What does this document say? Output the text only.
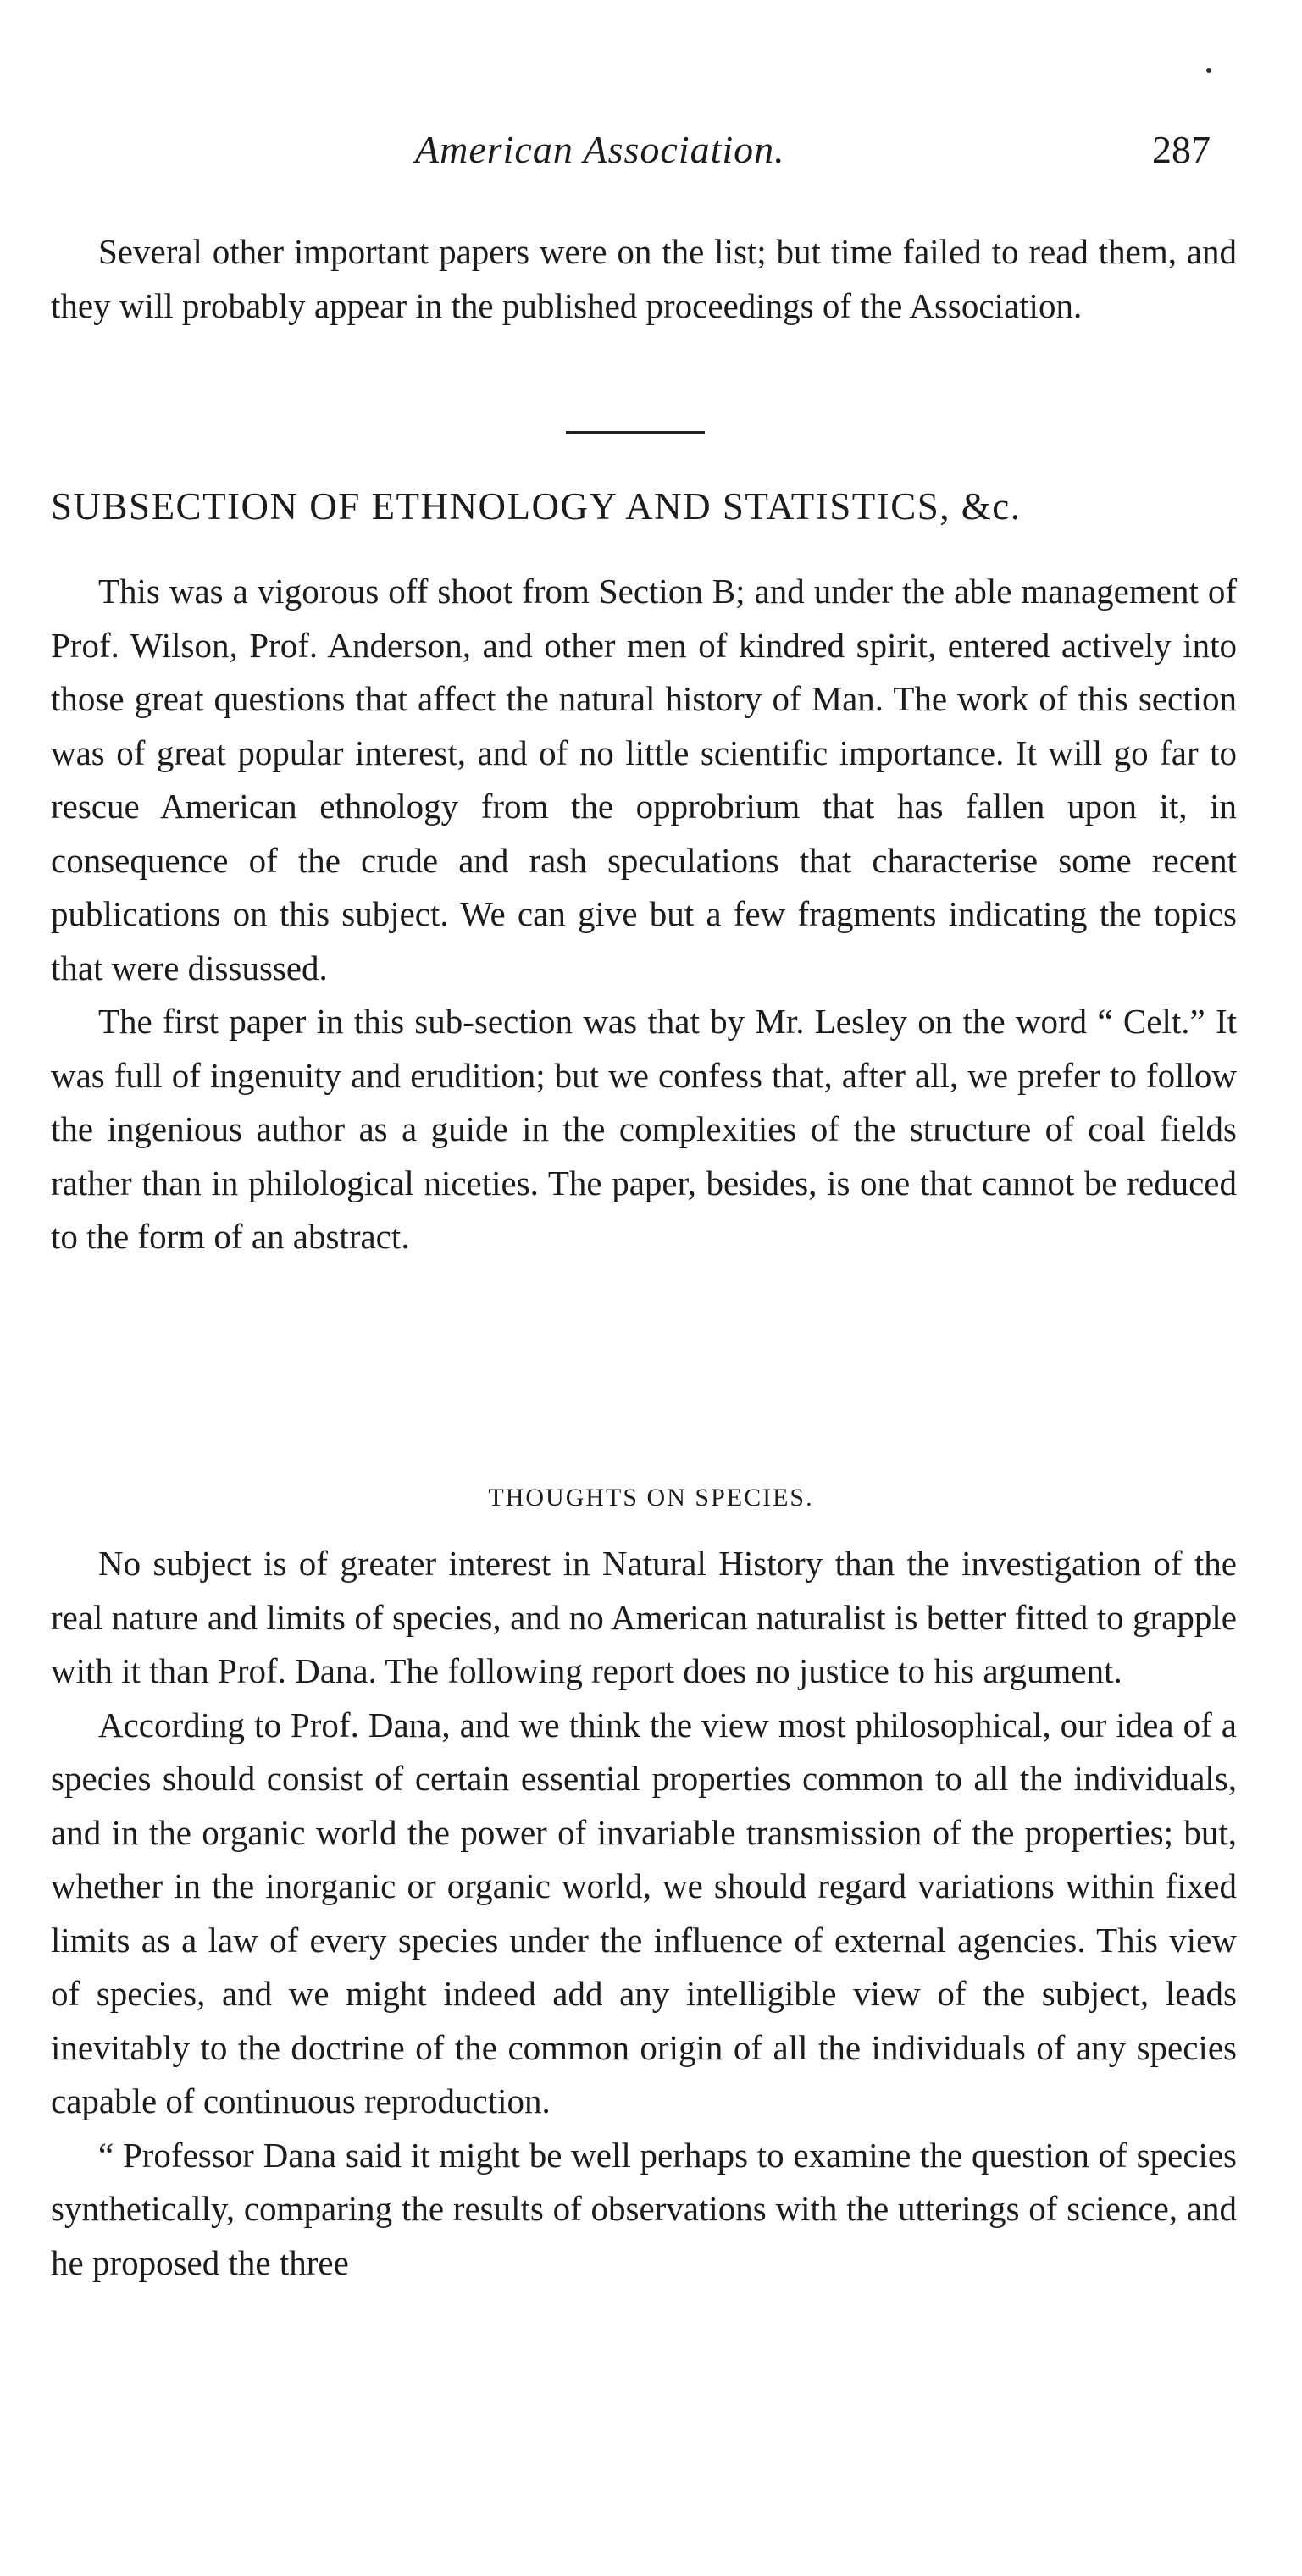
American Association.	287

Several other important papers were on the list; but time failed to read them, and they will probably appear in the published proceedings of the Association.

SUBSECTION OF ETHNOLOGY AND STATISTICS, &c.

This was a vigorous off shoot from Section B; and under the able management of Prof. Wilson, Prof. Anderson, and other men of kindred spirit, entered actively into those great questions that affect the natural history of Man. The work of this section was of great popular interest, and of no little scientific importance. It will go far to rescue American ethnology from the opprobrium that has fallen upon it, in consequence of the crude and rash speculations that characterise some recent publications on this subject. We can give but a few fragments indicating the topics that were dissussed.

The first paper in this sub-section was that by Mr. Lesley on the word “ Celt.” It was full of ingenuity and erudition; but we confess that, after all, we prefer to follow the ingenious author as a guide in the complexities of the structure of coal fields rather than in philological niceties. The paper, besides, is one that cannot be reduced to the form of an abstract.

THOUGHTS ON SPECIES.

No subject is of greater interest in Natural History than the investigation of the real nature and limits of species, and no American naturalist is better fitted to grapple with it than Prof. Dana. The following report does no justice to his argument.

According to Prof. Dana, and we think the view most philosophical, our idea of a species should consist of certain essential properties common to all the individuals, and in the organic world the power of invariable transmission of the properties; but, whether in the inorganic or organic world, we should regard variations within fixed limits as a law of every species under the influence of external agencies. This view of species, and we might indeed add any intelligible view of the subject, leads inevitably to the doctrine of the common origin of all the individuals of any species capable of continuous reproduction.

“ Professor Dana said it might be well perhaps to examine the question of species synthetically, comparing the results of observations with the utterings of science, and he proposed the three
